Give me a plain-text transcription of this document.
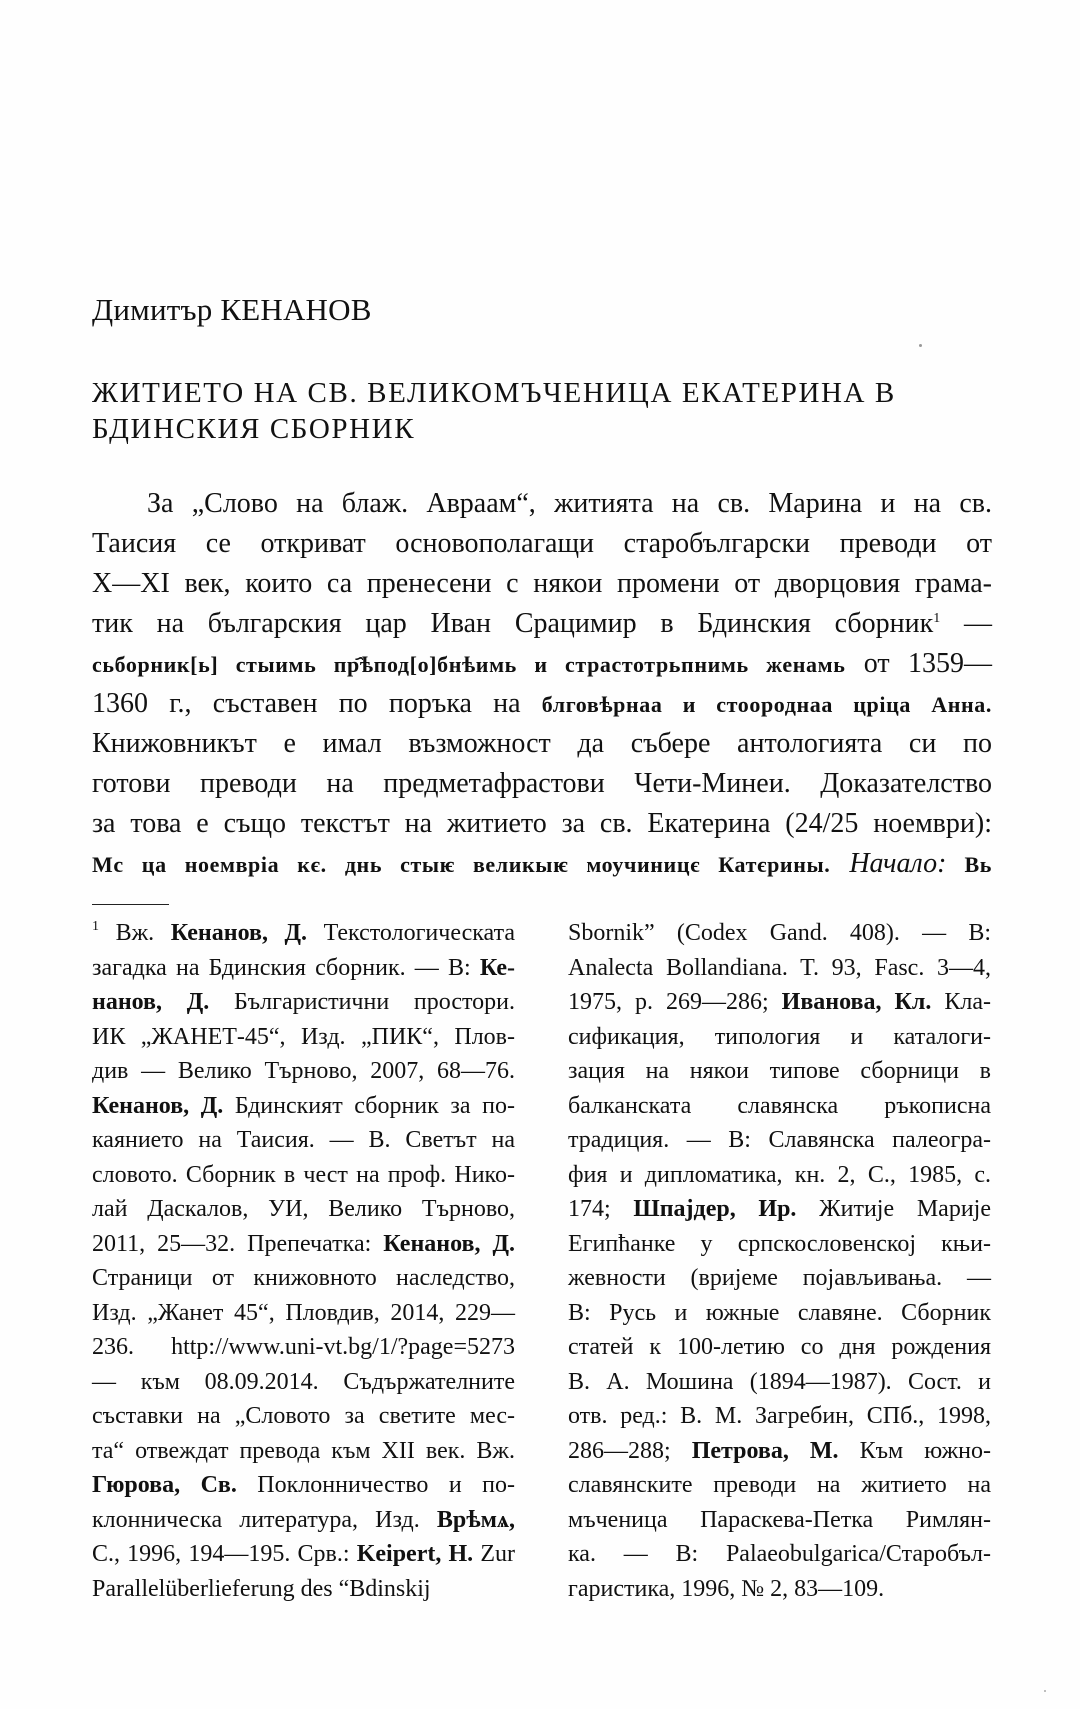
Димитър КЕНАНОВ
ЖИТИЕТО НА СВ. ВЕЛИКОМЪЧЕНИЦА ЕКАТЕРИНА В
БДИНСКИЯ СБОРНИК
За „Слово на блаж. Авраам“, житията на св. Марина и на св.
Таисия се откриват основополагащи старобългарски преводи от
X—XI век, които са пренесени с някои промени от дворцовия грама-
тик на българския цар Иван Срацимир в Бдинския сборник$^1$ —
сьборник[ь] стыимь пр҄ѣпод[о]бнѣимь и страстотрьпнимь женамь от 1359—
1360 г., съставен по поръка на блговѣрнаа и стоороднаа цріца Анна.
Книжовникът е имал възможност да събере антологията си по
готови преводи на предметафрастови Чети-Минеи. Доказателство
за това е също текстът на житието за св. Екатерина (24/25 ноември):
Мс ца ноемвріа кє. днь стыѥ великыѥ моучиницє Катєрины. Начало: Вь
$^1$ Вж. Кенанов, Д. Текстологическата
загадка на Бдинския сборник. — В: Ке-
нанов, Д. Българистични простори.
ИК „ЖАНЕТ-45“, Изд. „ПИК“, Плов-
див — Велико Търново, 2007, 68—76.
Кенанов, Д. Бдинският сборник за по-
каянието на Таисия. — В. Светът на
словото. Сборник в чест на проф. Нико-
лай Даскалов, УИ, Велико Търново,
2011, 25—32. Препечатка: Кенанов, Д.
Страници от книжовното наследство,
Изд. „Жанет 45“, Пловдив, 2014, 229—
236. http://www.uni-vt.bg/1/?page=5273
— към 08.09.2014. Съдържателните
съставки на „Словото за светите мес-
та“ отвеждат превода към XII век. Вж.
Гюрова, Св. Поклонничество и по-
клонническа литература, Изд. Врѣмѧ,
С., 1996, 194—195. Срв.: Keipert, H. Zur
Parallelüberlieferung des “Bdinskij
Sbornik” (Codex Gand. 408). — В:
Analecta Bollandiana. T. 93, Fasc. 3—4,
1975, p. 269—286; Иванова, Кл. Кла-
сификация, типология и каталоги-
зация на някои типове сборници в
балканската славянска ръкописна
традиция. — В: Славянска палеогра-
фия и дипломатика, кн. 2, С., 1985, с.
174; Шпајдер, Ир. Житије Марије
Египћанке у српскословенској књи-
жевности (вријеме појављивања. —
В: Русь и южные славяне. Сборник
статей к 100-летию со дня рождения
В. А. Мошина (1894—1987). Сост. и
отв. ред.: В. М. Загребин, СПб., 1998,
286—288; Петрова, М. Към южно-
славянските преводи на житието на
мъченица Параскева-Петка Римлян-
ка. — В: Palaeobulgarica/Старобъл-
гаристика, 1996, № 2, 83—109.
